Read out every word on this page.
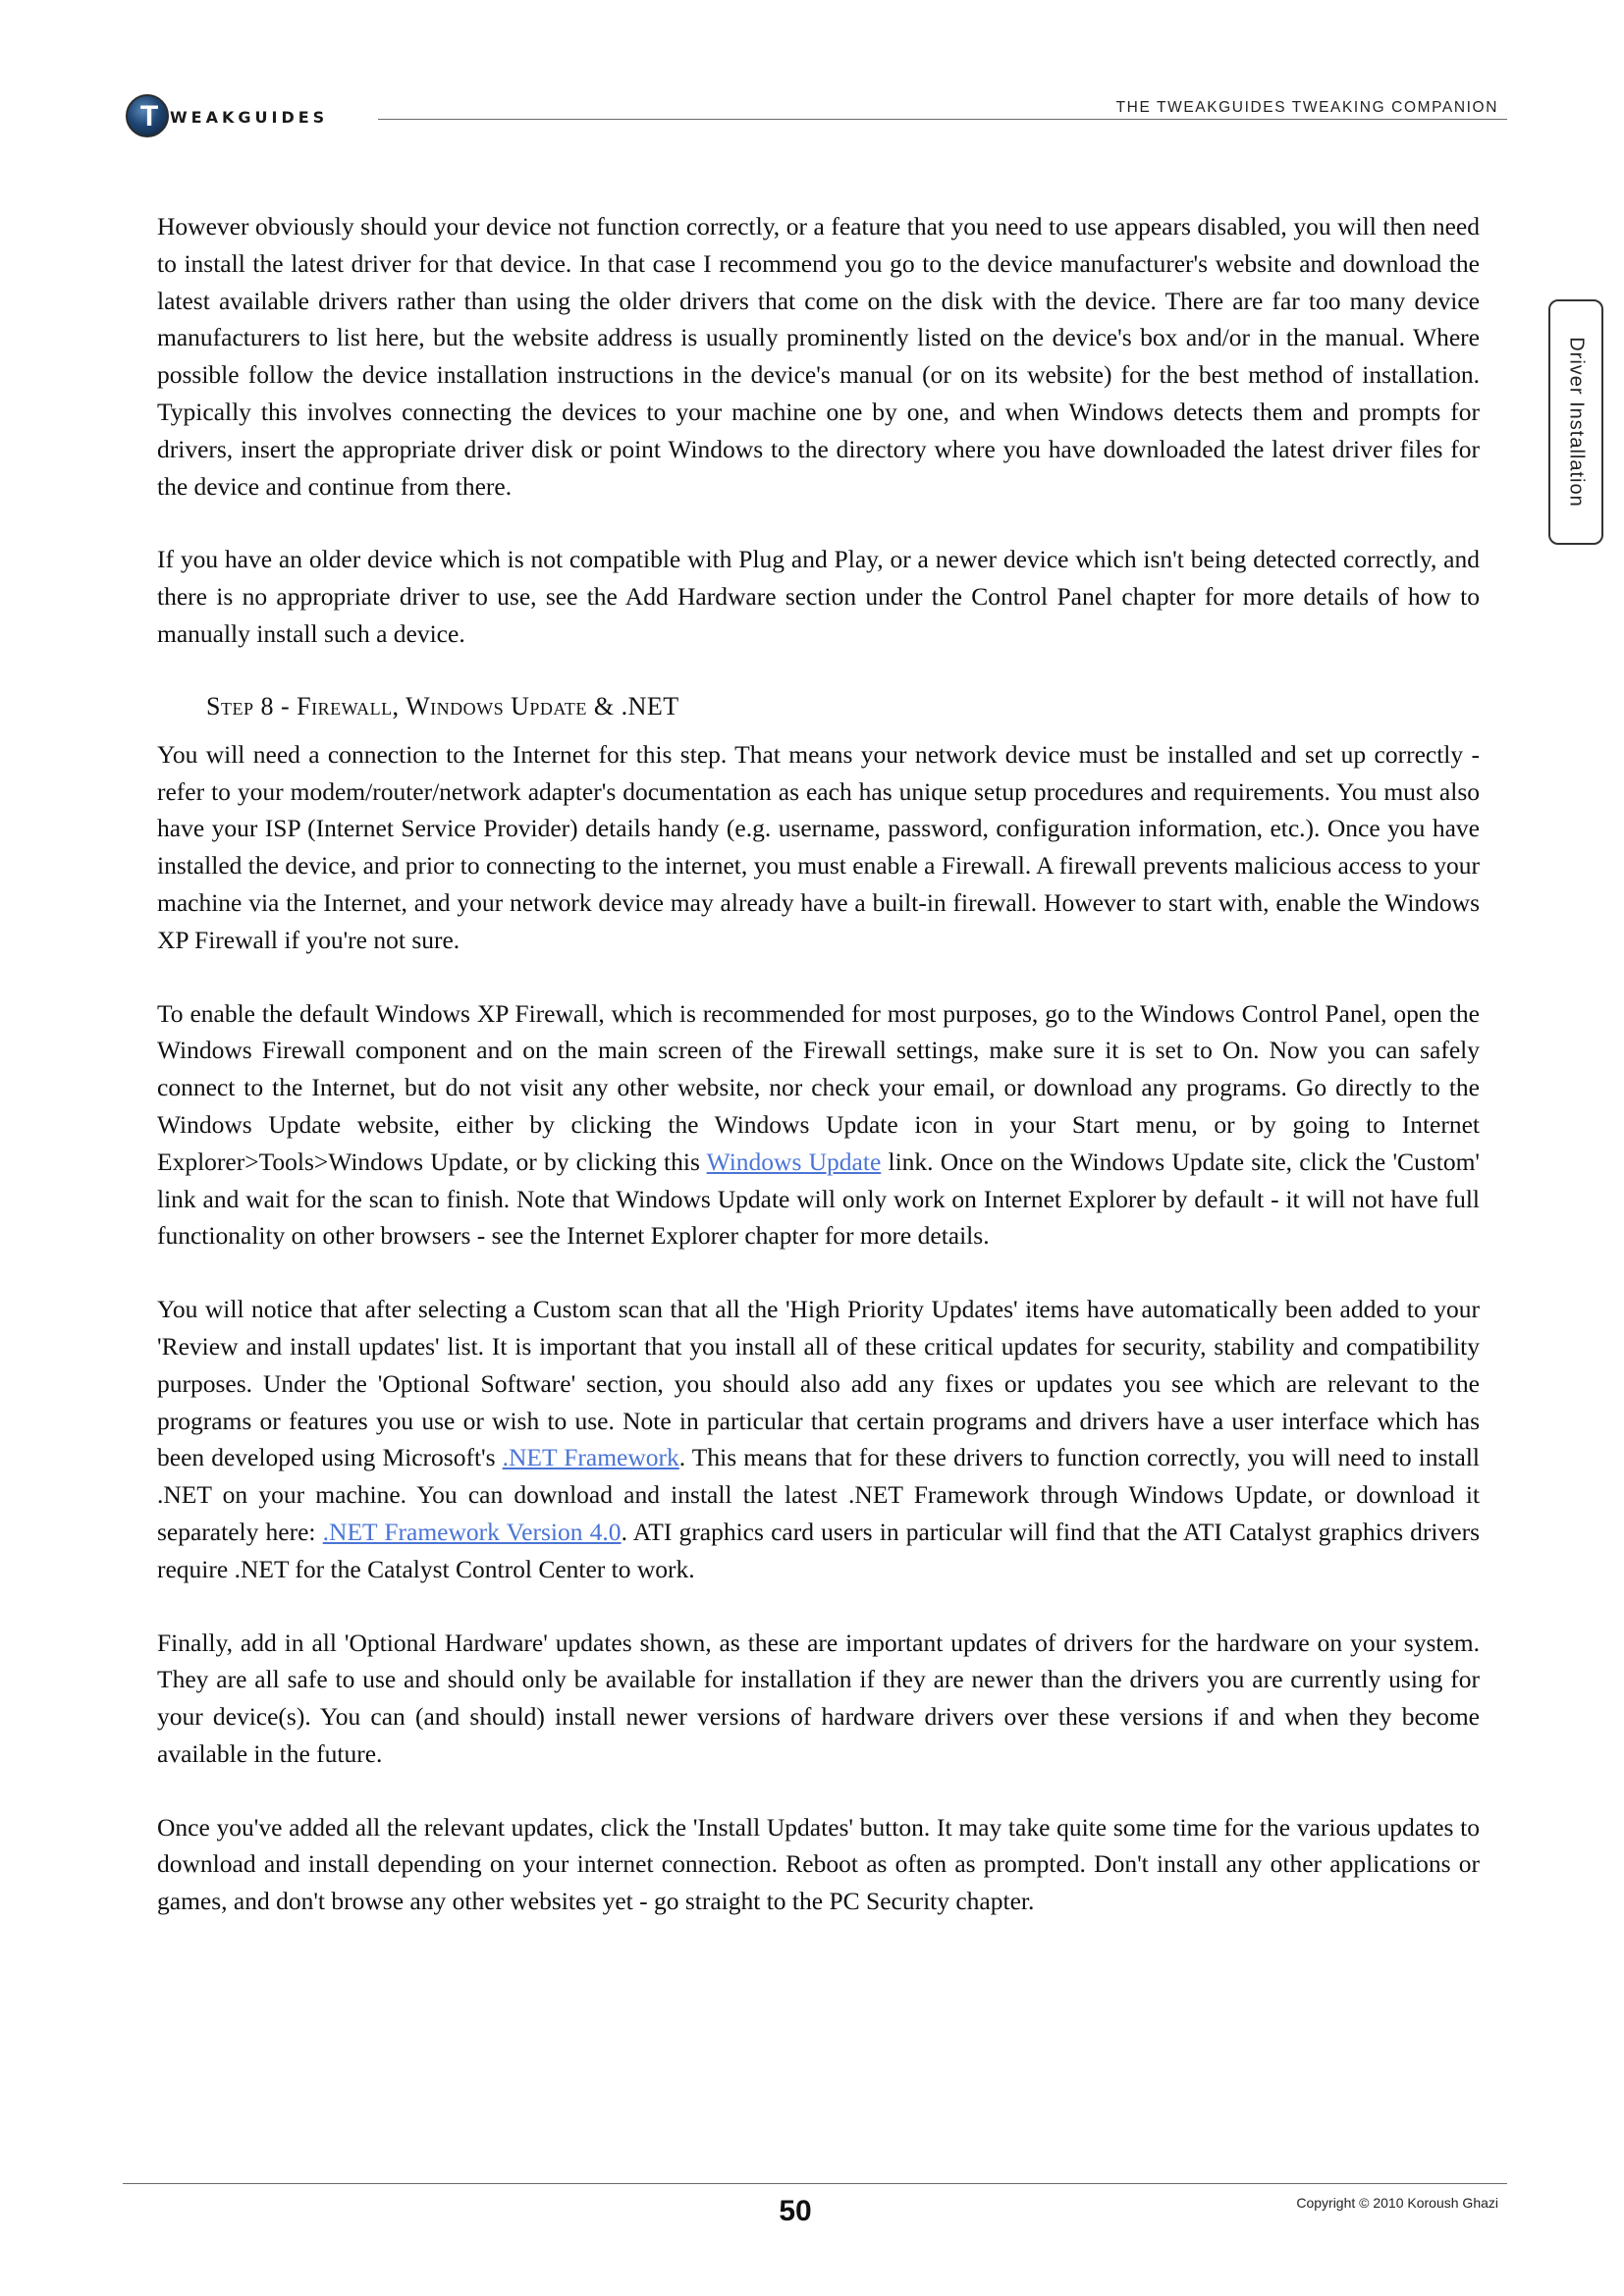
T WEAKGUIDES
THE TWEAKGUIDES TWEAKING COMPANION
Driver Installation

However obviously should your device not function correctly, or a feature that you need to use appears disabled, you will then need to install the latest driver for that device. In that case I recommend you go to the device manufacturer's website and download the latest available drivers rather than using the older drivers that come on the disk with the device. There are far too many device manufacturers to list here, but the website address is usually prominently listed on the device's box and/or in the manual. Where possible follow the device installation instructions in the device's manual (or on its website) for the best method of installation. Typically this involves connecting the devices to your machine one by one, and when Windows detects them and prompts for drivers, insert the appropriate driver disk or point Windows to the directory where you have downloaded the latest driver files for the device and continue from there.

If you have an older device which is not compatible with Plug and Play, or a newer device which isn't being detected correctly, and there is no appropriate driver to use, see the Add Hardware section under the Control Panel chapter for more details of how to manually install such a device.

Step 8 - Firewall, Windows Update & .NET

You will need a connection to the Internet for this step. That means your network device must be installed and set up correctly - refer to your modem/router/network adapter's documentation as each has unique setup procedures and requirements. You must also have your ISP (Internet Service Provider) details handy (e.g. username, password, configuration information, etc.). Once you have installed the device, and prior to connecting to the internet, you must enable a Firewall. A firewall prevents malicious access to your machine via the Internet, and your network device may already have a built-in firewall. However to start with, enable the Windows XP Firewall if you're not sure.

To enable the default Windows XP Firewall, which is recommended for most purposes, go to the Windows Control Panel, open the Windows Firewall component and on the main screen of the Firewall settings, make sure it is set to On. Now you can safely connect to the Internet, but do not visit any other website, nor check your email, or download any programs. Go directly to the Windows Update website, either by clicking the Windows Update icon in your Start menu, or by going to Internet Explorer>Tools>Windows Update, or by clicking this Windows Update link. Once on the Windows Update site, click the 'Custom' link and wait for the scan to finish. Note that Windows Update will only work on Internet Explorer by default - it will not have full functionality on other browsers - see the Internet Explorer chapter for more details.

You will notice that after selecting a Custom scan that all the 'High Priority Updates' items have automatically been added to your 'Review and install updates' list. It is important that you install all of these critical updates for security, stability and compatibility purposes. Under the 'Optional Software' section, you should also add any fixes or updates you see which are relevant to the programs or features you use or wish to use. Note in particular that certain programs and drivers have a user interface which has been developed using Microsoft's .NET Framework. This means that for these drivers to function correctly, you will need to install .NET on your machine. You can download and install the latest .NET Framework through Windows Update, or download it separately here: .NET Framework Version 4.0. ATI graphics card users in particular will find that the ATI Catalyst graphics drivers require .NET for the Catalyst Control Center to work.

Finally, add in all 'Optional Hardware' updates shown, as these are important updates of drivers for the hardware on your system. They are all safe to use and should only be available for installation if they are newer than the drivers you are currently using for your device(s). You can (and should) install newer versions of hardware drivers over these versions if and when they become available in the future.

Once you've added all the relevant updates, click the 'Install Updates' button. It may take quite some time for the various updates to download and install depending on your internet connection. Reboot as often as prompted. Don't install any other applications or games, and don't browse any other websites yet - go straight to the PC Security chapter.

50	Copyright © 2010 Koroush Ghazi
